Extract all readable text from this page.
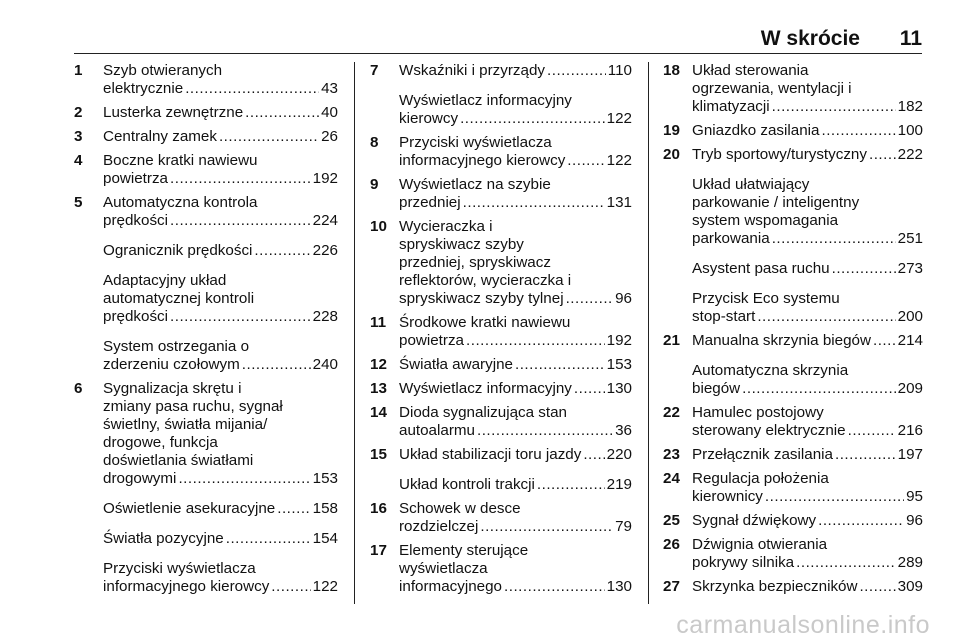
W skrócie 11
1 Szyb otwieranych
elektrycznie .....	43
2 Lusterka zewnętrzne .....	40
3 Centralny zamek .....	26
4 Boczne kratki nawiewu
powietrza .....	192
5 Automatyczna kontrola
prędkości .....	224
Ogranicznik prędkości .....	226
Adaptacyjny układ
automatycznej kontroli
prędkości .....	228
System ostrzegania o
zderzeniu czołowym .....	240
6 Sygnalizacja skrętu i
zmiany pasa ruchu, sygnał
świetlny, światła mijania/
drogowe, funkcja
doświetlania światłami
drogowymi .....	153
Oświetlenie asekuracyjne ..... 158
Światła pozycyjne .....	154
Przyciski wyświetlacza
informacyjnego kierowcy .....	122
7 Wskaźniki i przyrządy .....	110
Wyświetlacz informacyjny
kierowcy .....	122
8 Przyciski wyświetlacza
informacyjnego kierowcy .....	122
9 Wyświetlacz na szybie
przedniej .....	131
10 Wycieraczka i
spryskiwacz szyby
przedniej, spryskiwacz
reflektorów, wycieraczka i
spryskiwacz szyby tylnej .....	96
11 Środkowe kratki nawiewu
powietrza .....	192
12 Światła awaryjne .....	153
13 Wyświetlacz informacyjny ..... 130
14 Dioda sygnalizująca stan
autoalarmu .....	36
15 Układ stabilizacji toru jazdy ..... 220
Układ kontroli trakcji .....	219
16 Schowek w desce
rozdzielczej .....	79
17 Elementy sterujące
wyświetlacza
informacyjnego .....	130
18 Układ sterowania
ogrzewania, wentylacji i
klimatyzacji .....	182
19 Gniazdko zasilania .....	100
20 Tryb sportowy/turystyczny ..... 222
Układ ułatwiający
parkowanie / inteligentny
system wspomagania
parkowania .....	251
Asystent pasa ruchu .....	273
Przycisk Eco systemu
stop-start .....	200
21 Manualna skrzynia biegów ..... 214
Automatyczna skrzynia
biegów .....	209
22 Hamulec postojowy
sterowany elektrycznie .....	216
23 Przełącznik zasilania .....	197
24 Regulacja położenia
kierownicy .....	95
25 Sygnał dźwiękowy .....	96
26 Dźwignia otwierania
pokrywy silnika .....	289
27 Skrzynka bezpieczników .....	309
carmanualsonline.info
